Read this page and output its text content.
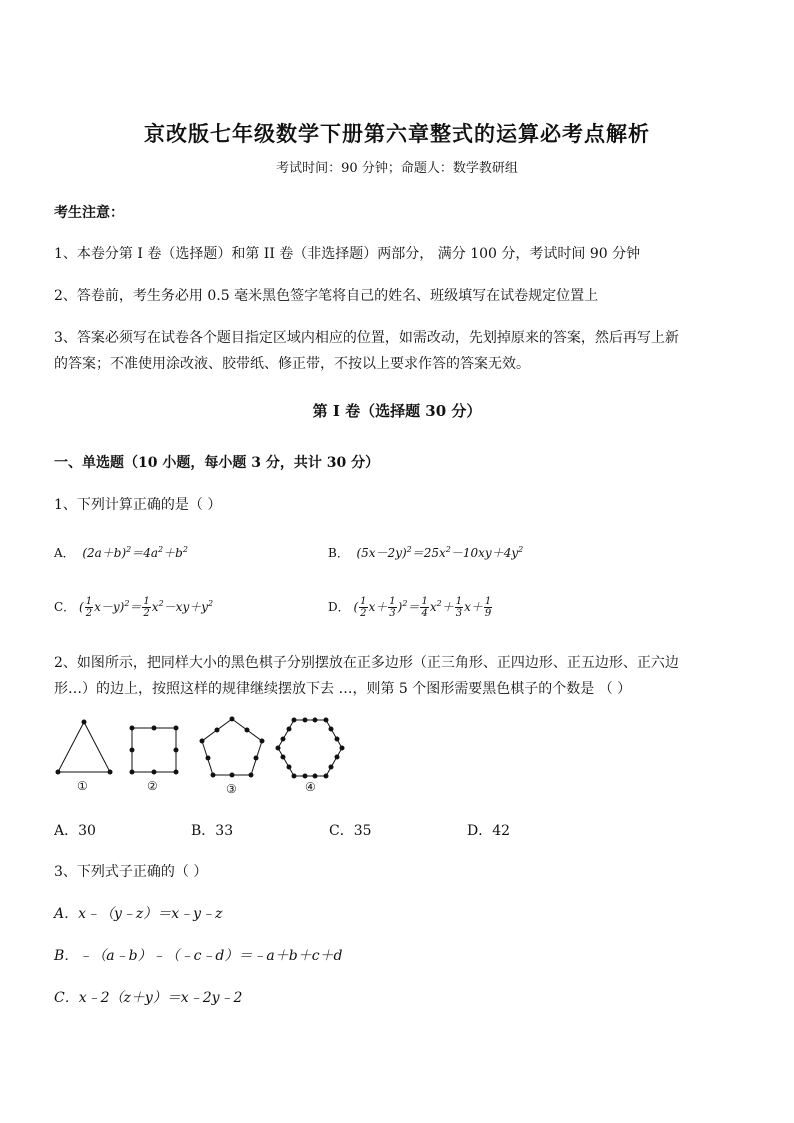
京改版七年级数学下册第六章整式的运算必考点解析
考试时间：90 分钟；命题人：数学教研组
考生注意：
1、本卷分第 I 卷（选择题）和第 II 卷（非选择题）两部分， 满分 100 分，考试时间 90 分钟
2、答卷前，考生务必用 0.5 毫米黑色签字笔将自己的姓名、班级填写在试卷规定位置上
3、答案必须写在试卷各个题目指定区域内相应的位置，如需改动，先划掉原来的答案，然后再写上新
的答案；不准使用涂改液、胶带纸、修正带，不按以上要求作答的答案无效。
第 I 卷（选择题 30 分）
一、单选题（10 小题，每小题 3 分，共计 30 分）
1、下列计算正确的是（ ）
A．  $(2a+b)^2=4a^2+b^2$	B．  $(5x-2y)^2=25x^2-10xy+4y^2$
C． ( $\frac{1}{2} x-y)^2= \frac{1}{2} x^2-xy+y^2$	D． ( $\frac{1}{2} x+ \frac{1}{3} )^2= \frac{1}{4} x^2+ \frac{1}{3} x+ \frac{1}{9}$
2、如图所示，把同样大小的黑色棋子分别摆放在正多边形（正三角形、正四边形、正五边形、正六边
形…）的边上，按照这样的规律继续摆放下去 …，则第 5 个图形需要黑色棋子的个数是 （ ）
①	②	③	④
A．30	B．33	C．35	D．42
3、下列式子正确的（ ）
A．x﹣（y﹣z）＝x﹣y﹣z
B．﹣（a﹣b）﹣（﹣c﹣d）＝﹣a＋b＋c＋d
C．x﹣2（z＋y）＝x﹣2y﹣2
